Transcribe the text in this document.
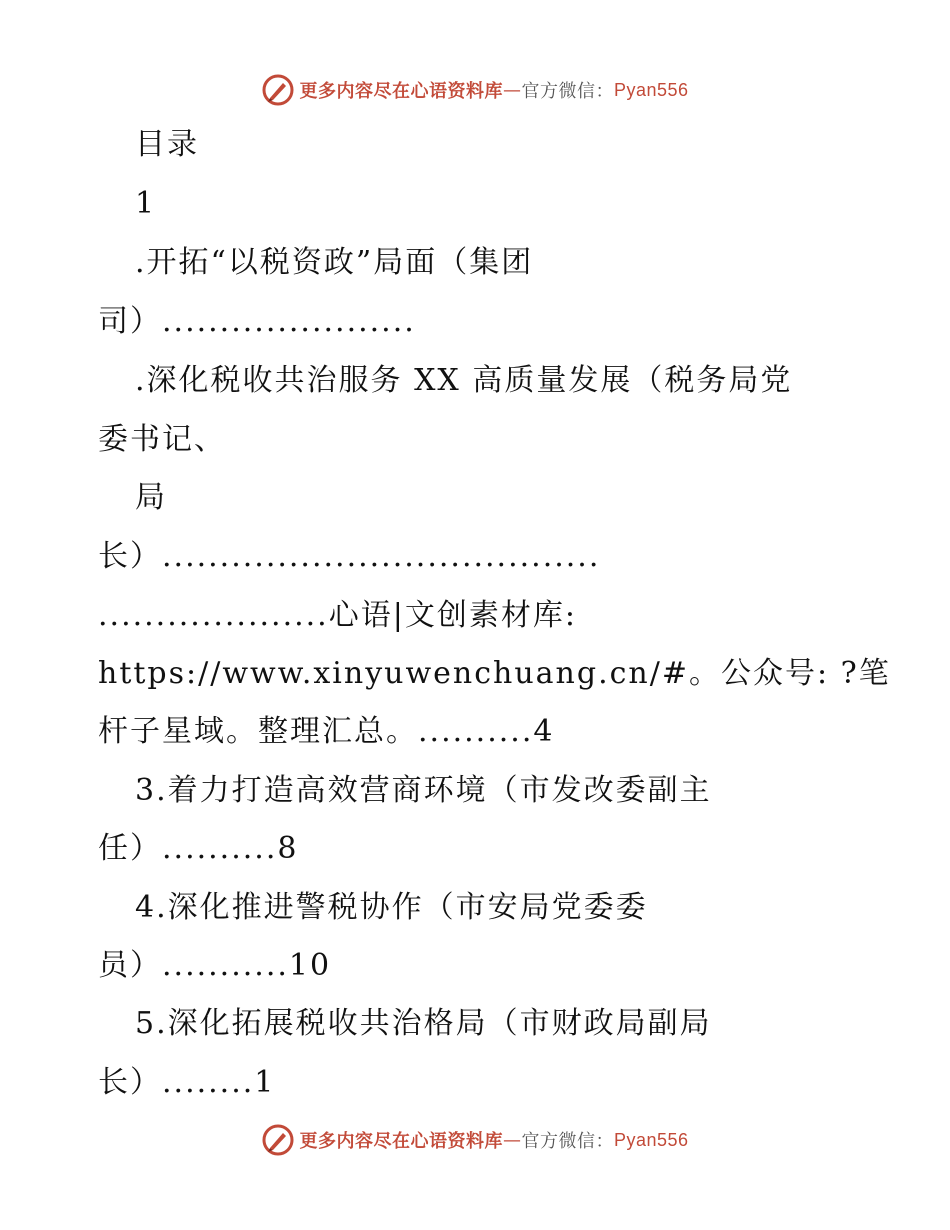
更多内容尽在心语资料库 — 官方微信： Pyan556
目录
1
.开拓“以税资政”局面（集团
司）......................
.深化税收共治服务 XX 高质量发展（税务局党
委书记、
局
长）......................................
....................心语|文创素材库:
https://www.xinyuwenchuang.cn/#。公众号: ?笔
杆子星域。整理汇总。..........4
3.着力打造高效营商环境（市发改委副主
任）..........8
4.深化推进警税协作（市安局党委委
员）...........10
5.深化拓展税收共治格局（市财政局副局
长）........1
更多内容尽在心语资料库 — 官方微信： Pyan556
